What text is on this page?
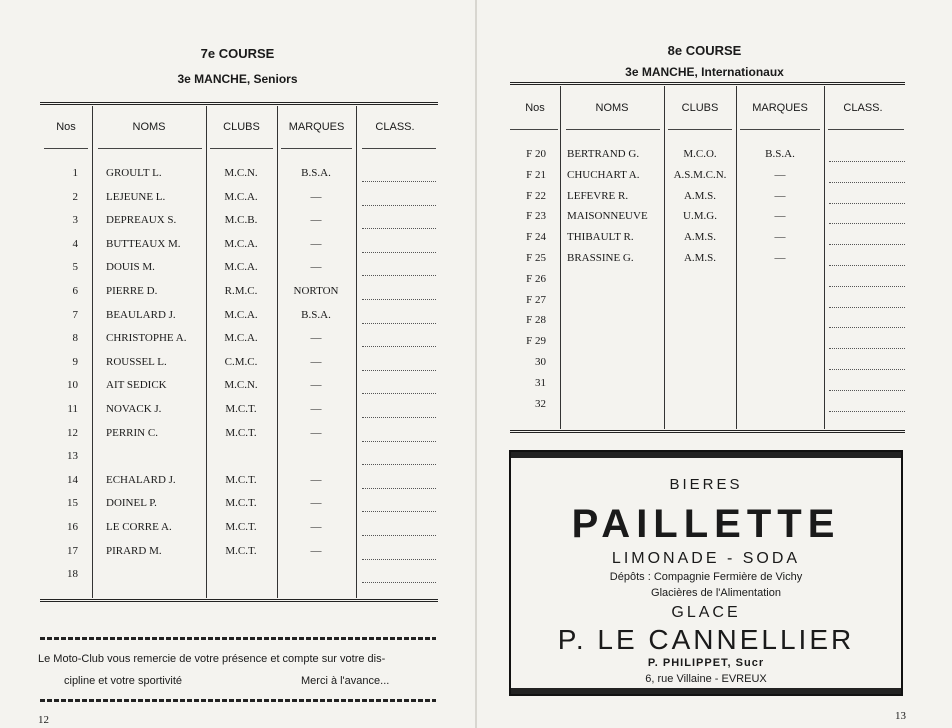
7e COURSE
3e MANCHE, Seniors
Nos	NOMS	CLUBS	MARQUES	CLASS.
1	GROULT L.	M.C.N.	B.S.A.
2	LEJEUNE L.	M.C.A.	—
3	DEPREAUX S.	M.C.B.	—
4	BUTTEAUX M.	M.C.A.	—
5	DOUIS M.	M.C.A.	—
6	PIERRE D.	R.M.C.	NORTON
7	BEAULARD J.	M.C.A.	B.S.A.
8	CHRISTOPHE A.	M.C.A.	—
9	ROUSSEL L.	C.M.C.	—
10	AIT SEDICK	M.C.N.	—
11	NOVACK J.	M.C.T.	—
12	PERRIN C.	M.C.T.	—
13
14	ECHALARD J.	M.C.T.	—
15	DOINEL P.	M.C.T.	—
16	LE CORRE A.	M.C.T.	—
17	PIRARD M.	M.C.T.	—
18
Le Moto-Club vous remercie de votre présence et compte sur votre dis-
cipline et votre sportivité	Merci à l'avance...
12
8e COURSE
3e MANCHE, Internationaux
Nos	NOMS	CLUBS	MARQUES	CLASS.
F 20 BERTRAND G.	M.C.O.	B.S.A.
F 21 CHUCHART A.	A.S.M.C.N.	—
F 22 LEFEVRE R.	A.M.S.	—
F 23 MAISONNEUVE	U.M.G.	—
F 24 THIBAULT R.	A.M.S.	—
F 25 BRASSINE G.	A.M.S.	—
F 26
F 27
F 28
F 29
30
31
32
13
BIERES
PAILLETTE
LIMONADE - SODA
Dépôts : Compagnie Fermière de Vichy
Glacières de l'Alimentation
GLACE
P. LE CANNELLIER
P. PHILIPPET, Sucr
6, rue Villaine - EVREUX
